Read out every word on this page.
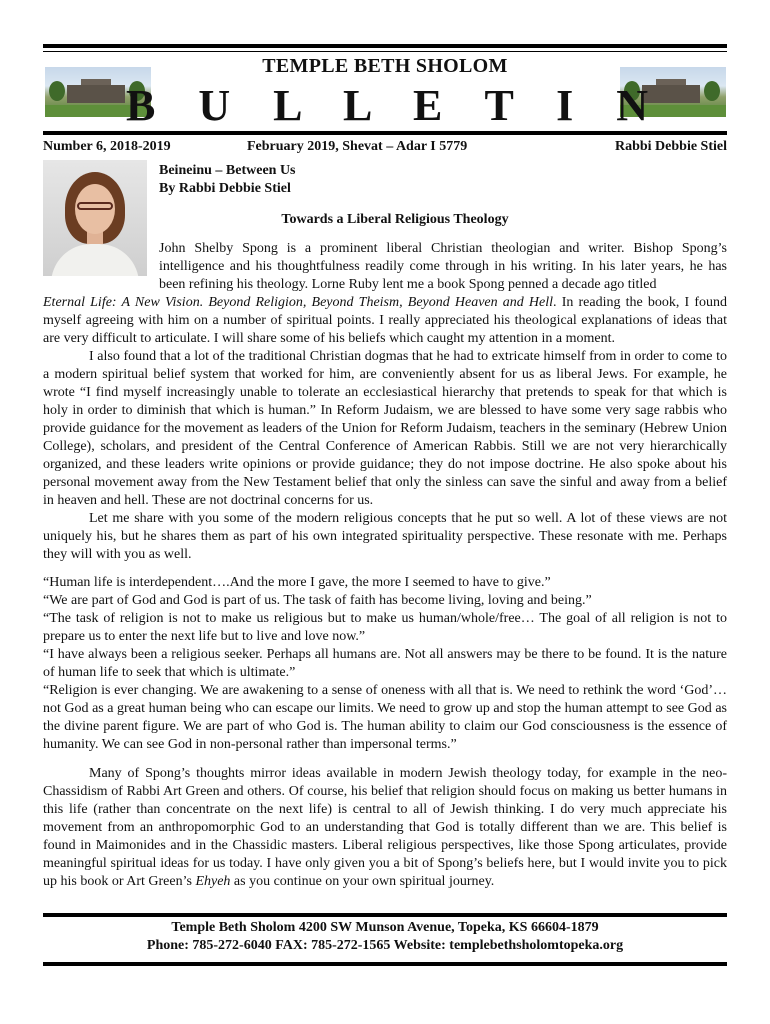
TEMPLE BETH SHOLOM
B U L L E T I N
Number 6, 2018-2019	February 2019, Shevat – Adar I 5779	Rabbi Debbie Stiel
Beineinu – Between Us
By Rabbi Debbie Stiel
Towards a Liberal Religious Theology

John Shelby Spong is a prominent liberal Christian theologian and writer. Bishop Spong’s intelligence and his thoughtfulness readily come through in his writing. In his later years, he has been refining his theology. Lorne Ruby lent me a book Spong penned a decade ago titled

Eternal Life: A New Vision. Beyond Religion, Beyond Theism, Beyond Heaven and Hell. In reading the book, I found myself agreeing with him on a number of spiritual points. I really appreciated his theological explanations of ideas that are very difficult to articulate. I will share some of his beliefs which caught my attention in a moment.

I also found that a lot of the traditional Christian dogmas that he had to extricate himself from in order to come to a modern spiritual belief system that worked for him, are conveniently absent for us as liberal Jews. For example, he wrote “I find myself increasingly unable to tolerate an ecclesiastical hierarchy that pretends to speak for that which is holy in order to diminish that which is human.” In Reform Judaism, we are blessed to have some very sage rabbis who provide guidance for the movement as leaders of the Union for Reform Judaism, teachers in the seminary (Hebrew Union College), scholars, and president of the Central Conference of American Rabbis. Still we are not very hierarchically organized, and these leaders write opinions or provide guidance; they do not impose doctrine. He also spoke about his personal movement away from the New Testament belief that only the sinless can save the sinful and away from a belief in heaven and hell. These are not doctrinal concerns for us.

Let me share with you some of the modern religious concepts that he put so well. A lot of these views are not uniquely his, but he shares them as part of his own integrated spirituality perspective. These resonate with me. Perhaps they will with you as well.

“Human life is interdependent….And the more I gave, the more I seemed to have to give.”

“We are part of God and God is part of us. The task of faith has become living, loving and being.”

“The task of religion is not to make us religious but to make us human/whole/free… The goal of all religion is not to prepare us to enter the next life but to live and love now.”

“I have always been a religious seeker. Perhaps all humans are. Not all answers may be there to be found. It is the nature of human life to seek that which is ultimate.”

“Religion is ever changing. We are awakening to a sense of oneness with all that is. We need to rethink the word ‘God’…not God as a great human being who can escape our limits. We need to grow up and stop the human attempt to see God as the divine parent figure. We are part of who God is. The human ability to claim our God consciousness is the essence of humanity. We can see God in non-personal rather than impersonal terms.”

Many of Spong’s thoughts mirror ideas available in modern Jewish theology today, for example in the neo-Chassidism of Rabbi Art Green and others. Of course, his belief that religion should focus on making us better humans in this life (rather than concentrate on the next life) is central to all of Jewish thinking. I do very much appreciate his movement from an anthropomorphic God to an understanding that God is totally different than we are. This belief is found in Maimonides and in the Chassidic masters. Liberal religious perspectives, like those Spong articulates, provide meaningful spiritual ideas for us today. I have only given you a bit of Spong’s beliefs here, but I would invite you to pick up his book or Art Green’s Ehyeh as you continue on your own spiritual journey.

Temple Beth Sholom 4200 SW Munson Avenue, Topeka, KS 66604-1879
Phone: 785-272-6040 FAX: 785-272-1565 Website: templebethsholomtopeka.org
